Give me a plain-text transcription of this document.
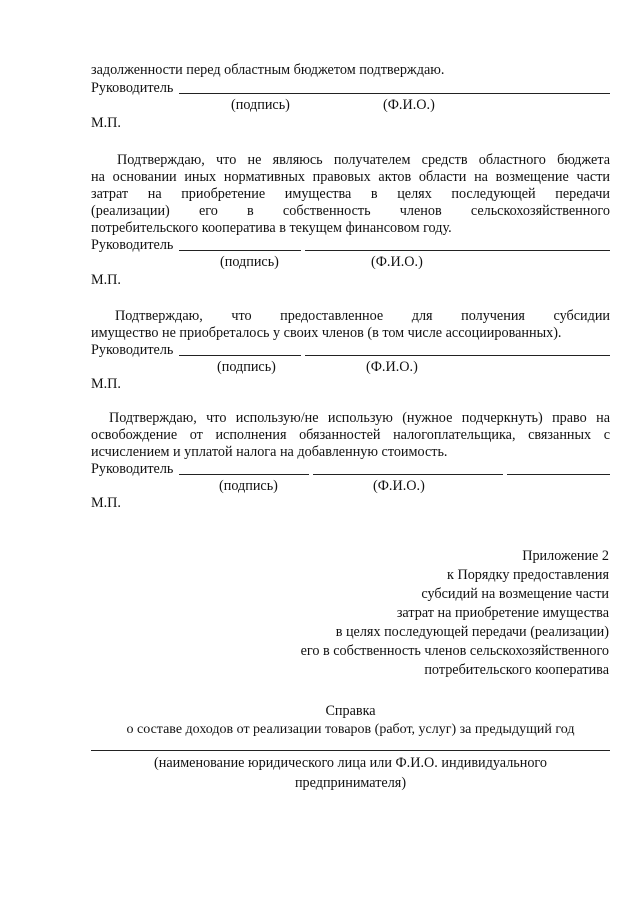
задолженности перед областным бюджетом подтверждаю.
Руководитель
(подпись)	(Ф.И.О.)
М.П.
Подтверждаю, что не являюсь получателем средств областного бюджета
на основании иных нормативных правовых актов области на возмещение части
затрат на приобретение имущества в целях последующей передачи
(реализации) его в собственность членов сельскохозяйственного
потребительского кооператива в текущем финансовом году.
Руководитель
(подпись)	(Ф.И.О.)
М.П.
Подтверждаю, что предоставленное для получения субсидии
имущество не приобреталось у своих членов (в том числе ассоциированных).
Руководитель
(подпись)	(Ф.И.О.)
М.П.
Подтверждаю, что использую/не использую (нужное подчеркнуть) право на
освобождение от исполнения обязанностей налогоплательщика, связанных с
исчислением и уплатой налога на добавленную стоимость.
Руководитель
(подпись)	(Ф.И.О.)
М.П.
Приложение 2
к Порядку предоставления
субсидий на возмещение части
затрат на приобретение имущества
в целях последующей передачи (реализации)
его в собственность членов сельскохозяйственного
потребительского кооператива
Справка
о составе доходов от реализации товаров (работ, услуг) за предыдущий год
(наименование юридического лица или Ф.И.О. индивидуального
предпринимателя)
